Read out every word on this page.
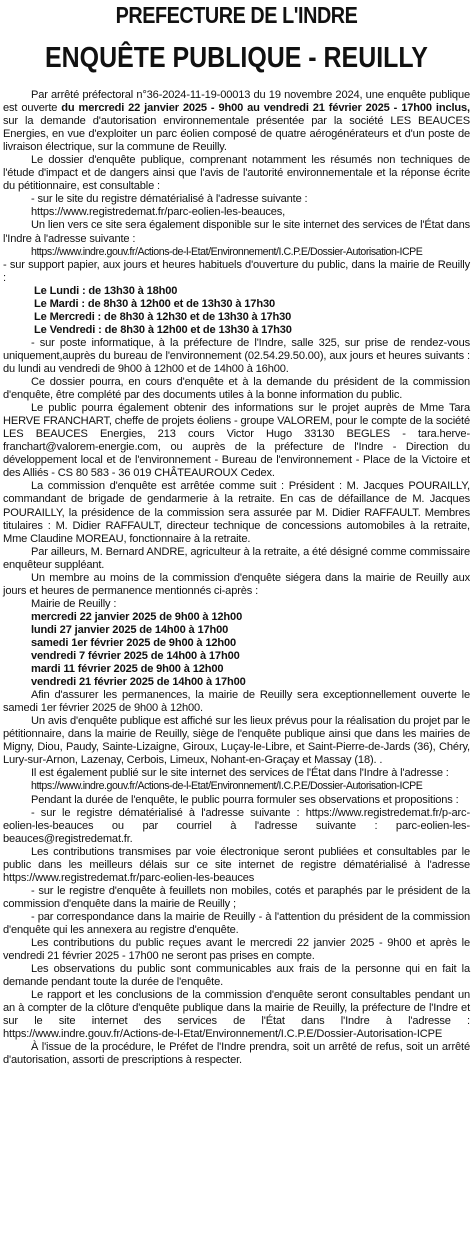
PREFECTURE DE L'INDRE
ENQUÊTE PUBLIQUE - REUILLY

Par arrêté préfectoral n°36-2024-11-19-00013 du 19 novembre 2024, une enquête publique est ouverte du mercredi 22 janvier 2025 - 9h00 au vendredi 21 février 2025 - 17h00 inclus, sur la demande d'autorisation environnementale présentée par la société LES BEAUCES Energies, en vue d'exploiter un parc éolien composé de quatre aérogénérateurs et d'un poste de livraison électrique, sur la commune de Reuilly.

Le dossier d'enquête publique, comprenant notamment les résumés non techniques de l'étude d'impact et de dangers ainsi que l'avis de l'autorité environnementale et la réponse écrite du pétitionnaire, est consultable :

- sur le site du registre dématérialisé à l'adresse suivante :

https://www.registredemat.fr/parc-eolien-les-beauces,

Un lien vers ce site sera également disponible sur le site internet des services de l'État dans l'Indre à l'adresse suivante :

https://www.indre.gouv.fr/Actions-de-l-Etat/Environnement/I.C.P.E/Dossier-Autorisation-ICPE

- sur support papier, aux jours et heures habituels d'ouverture du public, dans la mairie de Reuilly :

Le Lundi : de 13h30 à 18h00

Le Mardi : de 8h30 à 12h00 et de 13h30 à 17h30

Le Mercredi : de 8h30 à 12h30 et de 13h30 à 17h30

Le Vendredi : de 8h30 à 12h00 et de 13h30 à 17h30

- sur poste informatique, à la préfecture de l'Indre, salle 325, sur prise de rendez-vous uniquement,auprès du bureau de l'environnement (02.54.29.50.00), aux jours et heures suivants : du lundi au vendredi de 9h00 à 12h00 et de 14h00 à 16h00.

Ce dossier pourra, en cours d'enquête et à la demande du président de la commission d'enquête, être complété par des documents utiles à la bonne information du public.

Le public pourra également obtenir des informations sur le projet auprès de Mme Tara HERVE FRANCHART, cheffe de projets éoliens - groupe VALOREM, pour le compte de la société LES BEAUCES Energies, 213 cours Victor Hugo 33130 BEGLES - tara.herve-franchart@valorem-energie.com, ou auprès de la préfecture de l'Indre - Direction du développement local et de l'environnement - Bureau de l'environnement - Place de la Victoire et des Alliés - CS 80 583 - 36 019 CHÂTEAUROUX Cedex.

La commission d'enquête est arrêtée comme suit : Président : M. Jacques POURAILLY, commandant de brigade de gendarmerie à la retraite. En cas de défaillance de M. Jacques POURAILLY, la présidence de la commission sera assurée par M. Didier RAFFAULT. Membres titulaires : M. Didier RAFFAULT, directeur technique de concessions automobiles à la retraite, Mme Claudine MOREAU, fonctionnaire à la retraite.

Par ailleurs, M. Bernard ANDRE, agriculteur à la retraite, a été désigné comme commissaire enquêteur suppléant.

Un membre au moins de la commission d'enquête siégera dans la mairie de Reuilly aux jours et heures de permanence mentionnés ci-après :

Mairie de Reuilly :

mercredi 22 janvier 2025 de 9h00 à 12h00

lundi 27 janvier 2025 de 14h00 à 17h00

samedi 1er février 2025 de 9h00 à 12h00

vendredi 7 février 2025 de 14h00 à 17h00

mardi 11 février 2025 de 9h00 à 12h00

vendredi 21 février 2025 de 14h00 à 17h00

Afin d'assurer les permanences, la mairie de Reuilly sera exceptionnellement ouverte le samedi 1er février 2025 de 9h00 à 12h00.

Un avis d'enquête publique est affiché sur les lieux prévus pour la réalisation du projet par le pétitionnaire, dans la mairie de Reuilly, siège de l'enquête publique ainsi que dans les mairies de Migny, Diou, Paudy, Sainte-Lizaigne, Giroux, Luçay-le-Libre, et Saint-Pierre-de-Jards (36), Chéry, Lury-sur-Arnon, Lazenay, Cerbois, Limeux, Nohant-en-Graçay et Massay (18). .

Il est également publié sur le site internet des services de l'État dans l'Indre à l'adresse :

https://www.indre.gouv.fr/Actions-de-l-Etat/Environnement/I.C.P.E/Dossier-Autorisation-ICPE

Pendant la durée de l'enquête, le public pourra formuler ses observations et propositions :

- sur le registre dématérialisé à l'adresse suivante : https://www.registredemat.fr/p-arc-eolien-les-beauces ou par courriel à l'adresse suivante : parc-eolien-les-beauces@registredemat.fr.

Les contributions transmises par voie électronique seront publiées et consultables par le public dans les meilleurs délais sur ce site internet de registre dématérialisé à l'adresse https://www.registredemat.fr/parc-eolien-les-beauces

- sur le registre d'enquête à feuillets non mobiles, cotés et paraphés par le président de la commission d'enquête dans la mairie de Reuilly ;

- par correspondance dans la mairie de Reuilly - à l'attention du président de la commission d'enquête qui les annexera au registre d'enquête.

Les contributions du public reçues avant le mercredi 22 janvier 2025 - 9h00 et après le vendredi 21 février 2025 - 17h00 ne seront pas prises en compte.

Les observations du public sont communicables aux frais de la personne qui en fait la demande pendant toute la durée de l'enquête.

Le rapport et les conclusions de la commission d'enquête seront consultables pendant un an à compter de la clôture d'enquête publique dans la mairie de Reuilly, la préfecture de l'Indre et sur le site internet des services de l'État dans l'Indre à l'adresse : https://www.indre.gouv.fr/Actions-de-l-Etat/Environnement/I.C.P.E/Dossier-Autorisation-ICPE

À l'issue de la procédure, le Préfet de l'Indre prendra, soit un arrêté de refus, soit un arrêté d'autorisation, assorti de prescriptions à respecter.
